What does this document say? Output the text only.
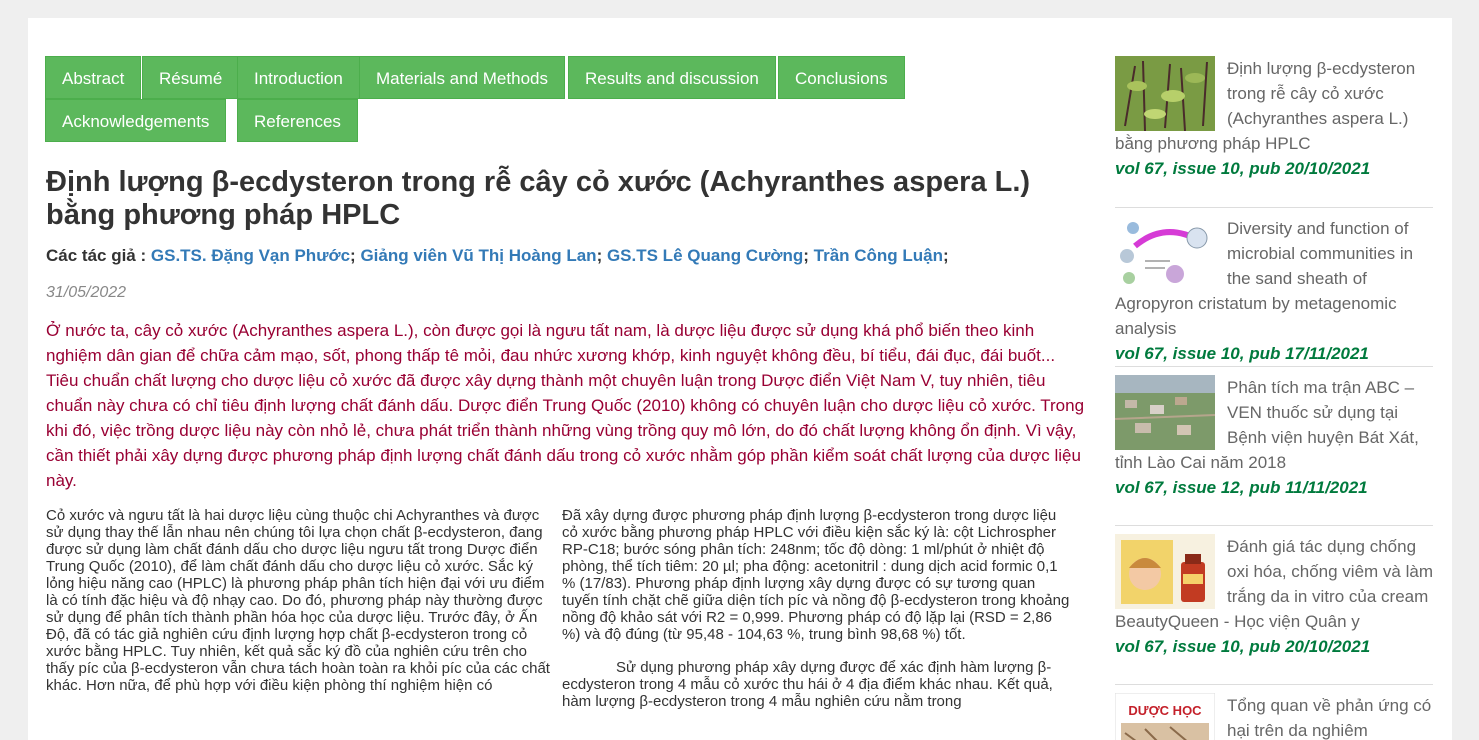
Abstract	Résumé	Introduction	Materials and Methods	Results and discussion	Conclusions
Acknowledgements	References
Định lượng β-ecdysteron trong rễ cây cỏ xước (Achyranthes aspera L.) bằng phương pháp HPLC
Các tác giả : GS.TS. Đặng Vạn Phước; Giảng viên Vũ Thị Hoàng Lan; GS.TS Lê Quang Cường; Trần Công Luận;
31/05/2022
Ở nước ta, cây cỏ xước (Achyranthes aspera L.), còn được gọi là ngưu tất nam, là dược liệu được sử dụng khá phổ biến theo kinh nghiệm dân gian để chữa cảm mạo, sốt, phong thấp tê mỏi, đau nhức xương khớp, kinh nguyệt không đều, bí tiểu, đái đục, đái buốt... Tiêu chuẩn chất lượng cho dược liệu cỏ xước đã được xây dựng thành một chuyên luận trong Dược điển Việt Nam V, tuy nhiên, tiêu chuẩn này chưa có chỉ tiêu định lượng chất đánh dấu. Dược điển Trung Quốc (2010) không có chuyên luận cho dược liệu cỏ xước. Trong khi đó, việc trồng dược liệu này còn nhỏ lẻ, chưa phát triển thành những vùng trồng quy mô lớn, do đó chất lượng không ổn định. Vì vậy, cần thiết phải xây dựng được phương pháp định lượng chất đánh dấu trong cỏ xước nhằm góp phần kiểm soát chất lượng của dược liệu này.

Cỏ xước và ngưu tất là hai dược liệu cùng thuộc chi Achyranthes và được sử dụng thay thế lẫn nhau nên chúng tôi lựa chọn chất β-ecdysteron, đang được sử dụng làm chất đánh dấu cho dược liệu ngưu tất trong Dược điển Trung Quốc (2010), để làm chất đánh dấu cho dược liệu cỏ xước. Sắc ký lỏng hiệu năng cao (HPLC) là phương pháp phân tích hiện đại với ưu điểm là có tính đặc hiệu và độ nhạy cao. Do đó, phương pháp này thường được sử dụng để phân tích thành phần hóa học của dược liệu. Trước đây, ở Ấn Độ, đã có tác giả nghiên cứu định lượng hợp chất β-ecdysteron trong cỏ xước bằng HPLC. Tuy nhiên, kết quả sắc ký đồ của nghiên cứu trên cho thấy píc của β-ecdysteron vẫn chưa tách hoàn toàn ra khỏi píc của các chất khác. Hơn nữa, để phù hợp với điều kiện phòng thí nghiệm hiện có

Đã xây dựng được phương pháp định lượng β-ecdysteron trong dược liệu cỏ xước bằng phương pháp HPLC với điều kiện sắc ký là: cột Lichrospher RP-C18; bước sóng phân tích: 248nm; tốc độ dòng: 1 ml/phút ở nhiệt độ phòng, thể tích tiêm: 20 µl; pha động: acetonitril : dung dịch acid formic 0,1 % (17/83). Phương pháp định lượng xây dựng được có sự tương quan tuyến tính chặt chẽ giữa diện tích píc và nồng độ β-ecdysteron trong khoảng nồng độ khảo sát với R2 = 0,999. Phương pháp có độ lặp lại (RSD = 2,86 %) và độ đúng (từ 95,48 - 104,63 %, trung bình 98,68 %) tốt.

Sử dụng phương pháp xây dựng được để xác định hàm lượng β-ecdysteron trong 4 mẫu cỏ xước thu hái ở 4 địa điểm khác nhau. Kết quả, hàm lượng β-ecdysteron trong 4 mẫu nghiên cứu nằm trong

Định lượng β-ecdysteron trong rễ cây cỏ xước (Achyranthes aspera L.) bằng phương pháp HPLC
vol 67, issue 10, pub 20/10/2021
Diversity and function of microbial communities in the sand sheath of Agropyron cristatum by metagenomic analysis
vol 67, issue 10, pub 17/11/2021
Phân tích ma trận ABC – VEN thuốc sử dụng tại Bệnh viện huyện Bát Xát, tỉnh Lào Cai năm 2018
vol 67, issue 12, pub 11/11/2021
Đánh giá tác dụng chống oxi hóa, chống viêm và làm trắng da in vitro của cream BeautyQueen - Học viện Quân y
vol 67, issue 10, pub 20/10/2021
DƯỢC HỌC	Tổng quan về phản ứng có hại trên da nghiêm
